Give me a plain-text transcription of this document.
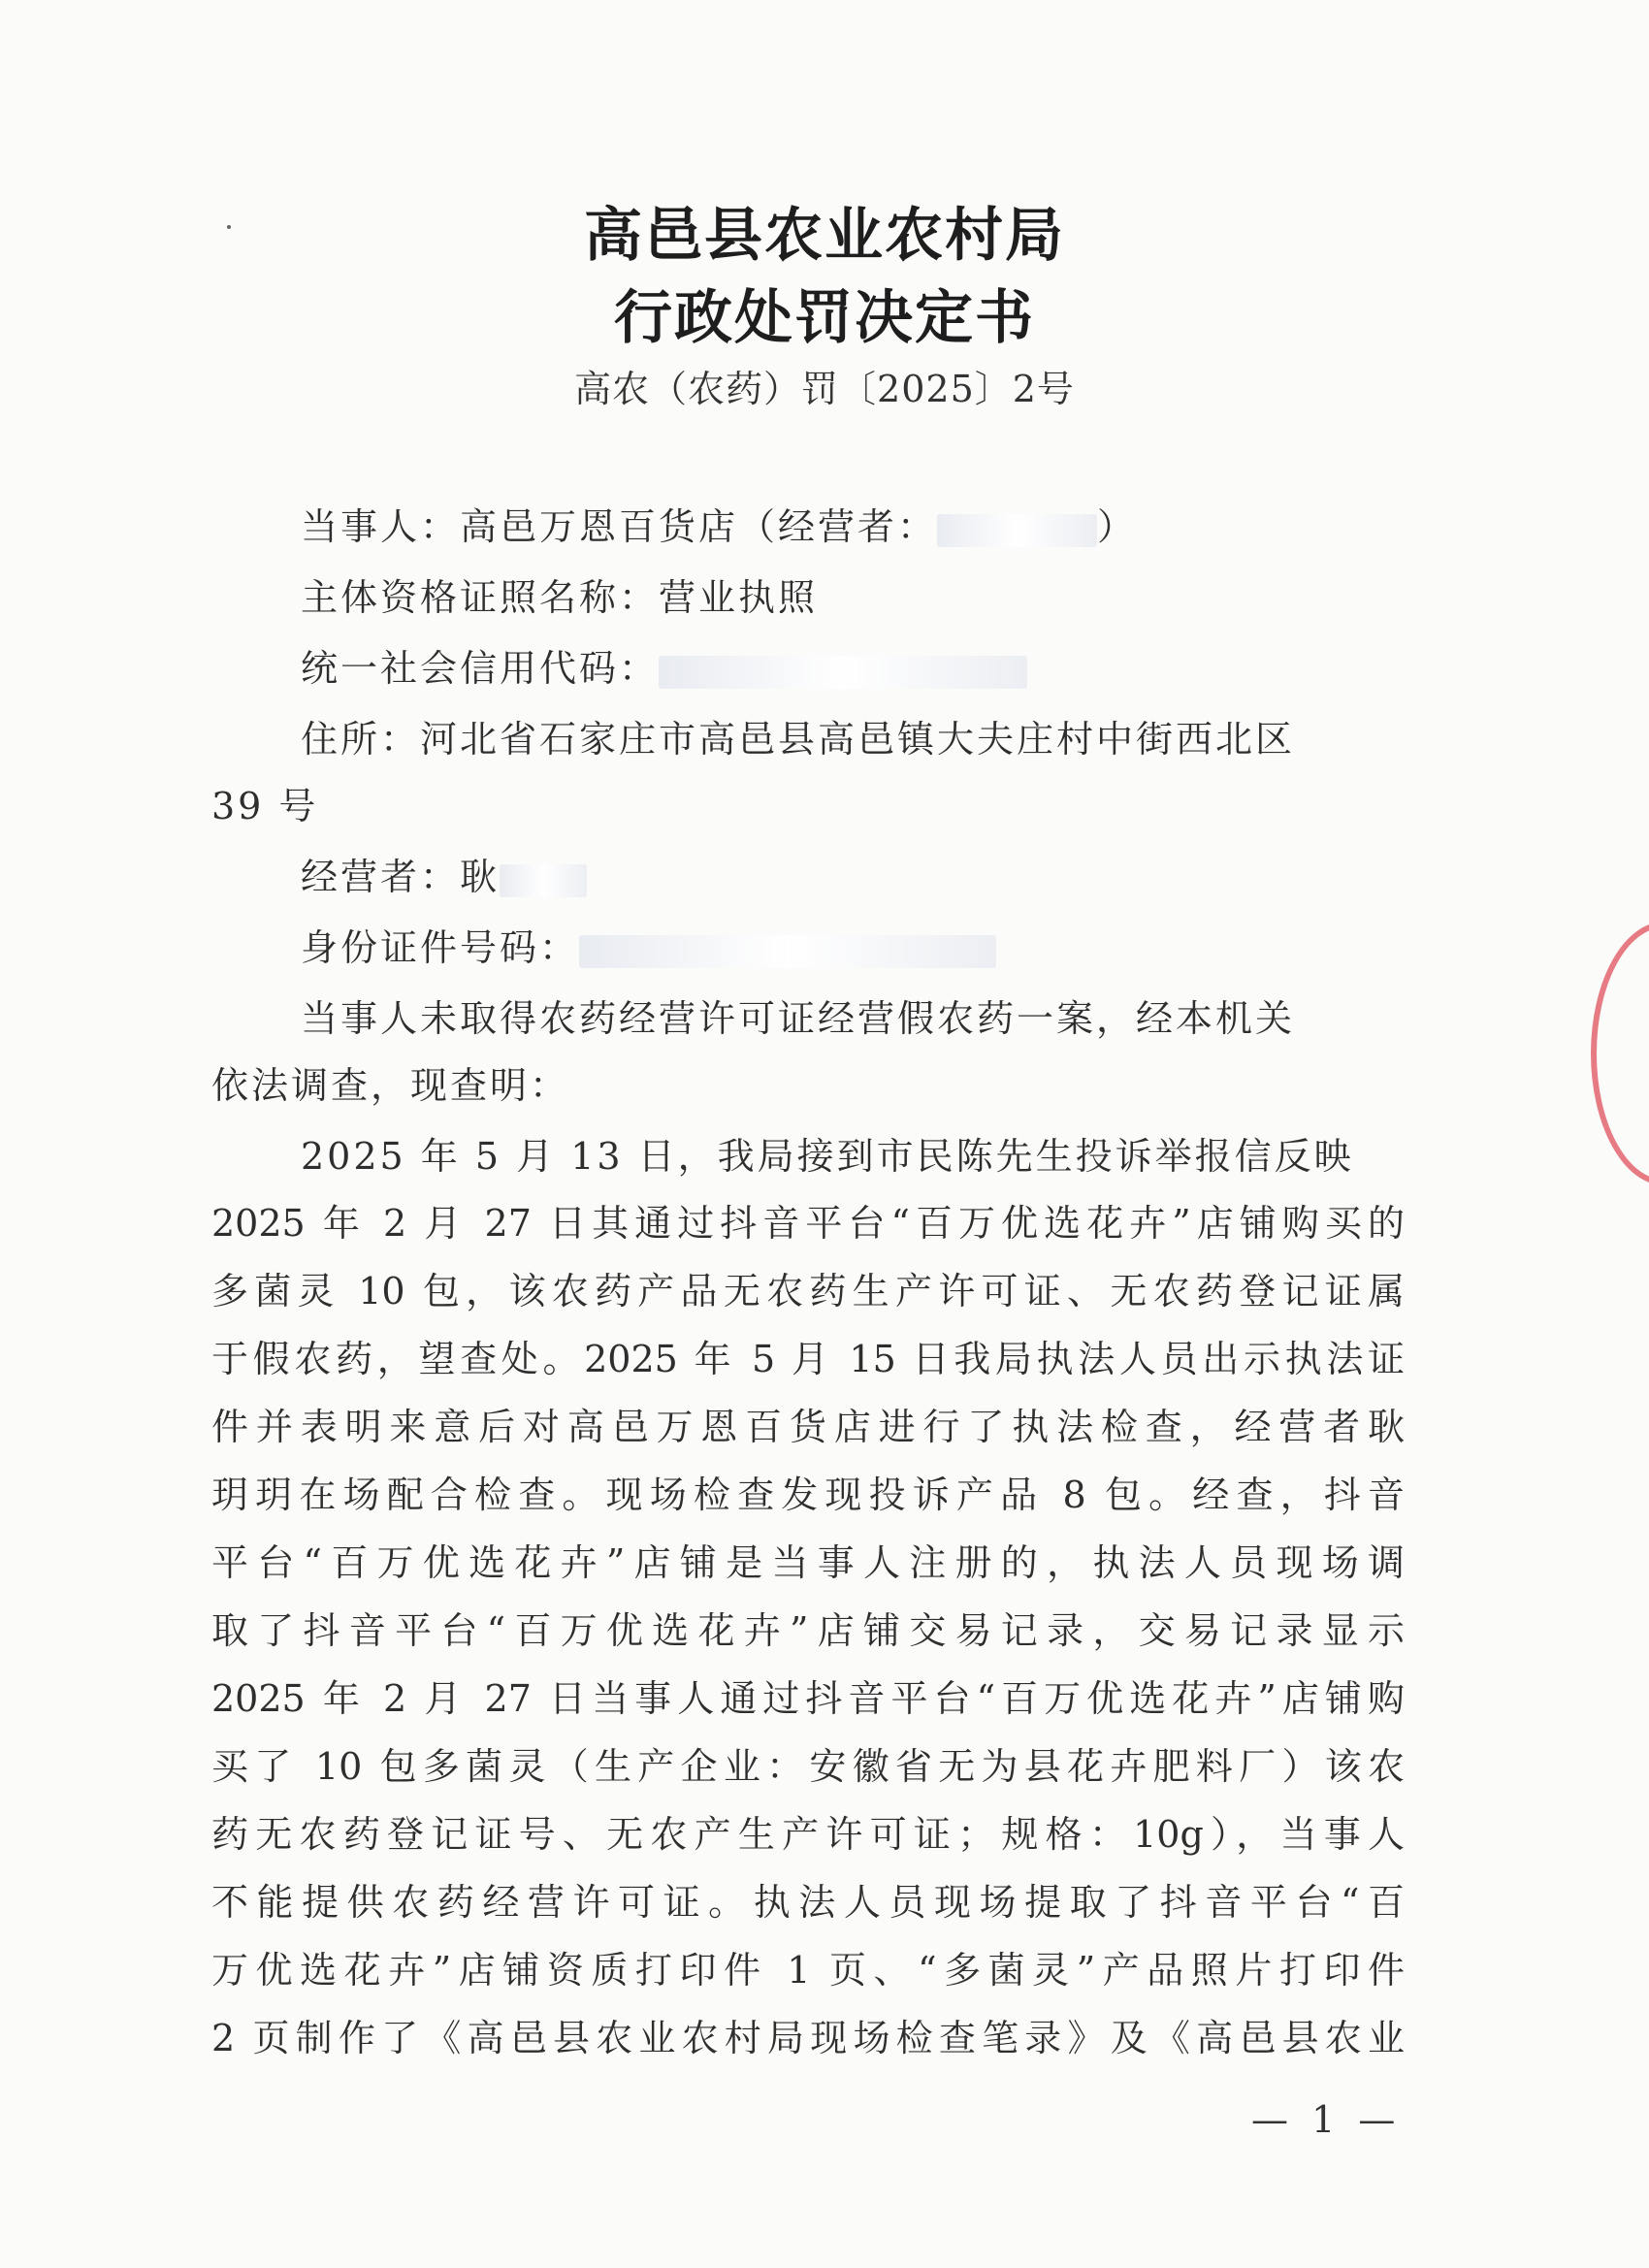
高邑县农业农村局
行政处罚决定书
高农（农药）罚〔2025〕2号
当事人：高邑万恩百货店（经营者：	）
主体资格证照名称：营业执照
统一社会信用代码：
住所：河北省石家庄市高邑县高邑镇大夫庄村中街西北区
39 号
经营者：耿
身份证件号码：
当事人未取得农药经营许可证经营假农药一案，经本机关
依法调查，现查明：
2025 年 5 月 13 日，我局接到市民陈先生投诉举报信反映
2025 年 2 月 27 日其通过抖音平台“百万优选花卉”店铺购买的
多菌灵 10 包，该农药产品无农药生产许可证、无农药登记证属
于假农药，望查处。2025 年 5 月 15 日我局执法人员出示执法证
件并表明来意后对高邑万恩百货店进行了执法检查，经营者耿
玥玥在场配合检查。现场检查发现投诉产品 8 包。经查，抖音
平台“百万优选花卉”店铺是当事人注册的，执法人员现场调
取了抖音平台“百万优选花卉”店铺交易记录，交易记录显示
2025 年 2 月 27 日当事人通过抖音平台“百万优选花卉”店铺购
买了 10 包多菌灵（生产企业：安徽省无为县花卉肥料厂）该农
药无农药登记证号、无农产生产许可证；规格：10g），当事人
不能提供农药经营许可证。执法人员现场提取了抖音平台“百
万优选花卉”店铺资质打印件 1 页、“多菌灵”产品照片打印件
2 页制作了《高邑县农业农村局现场检查笔录》及《高邑县农业
— 1 —
